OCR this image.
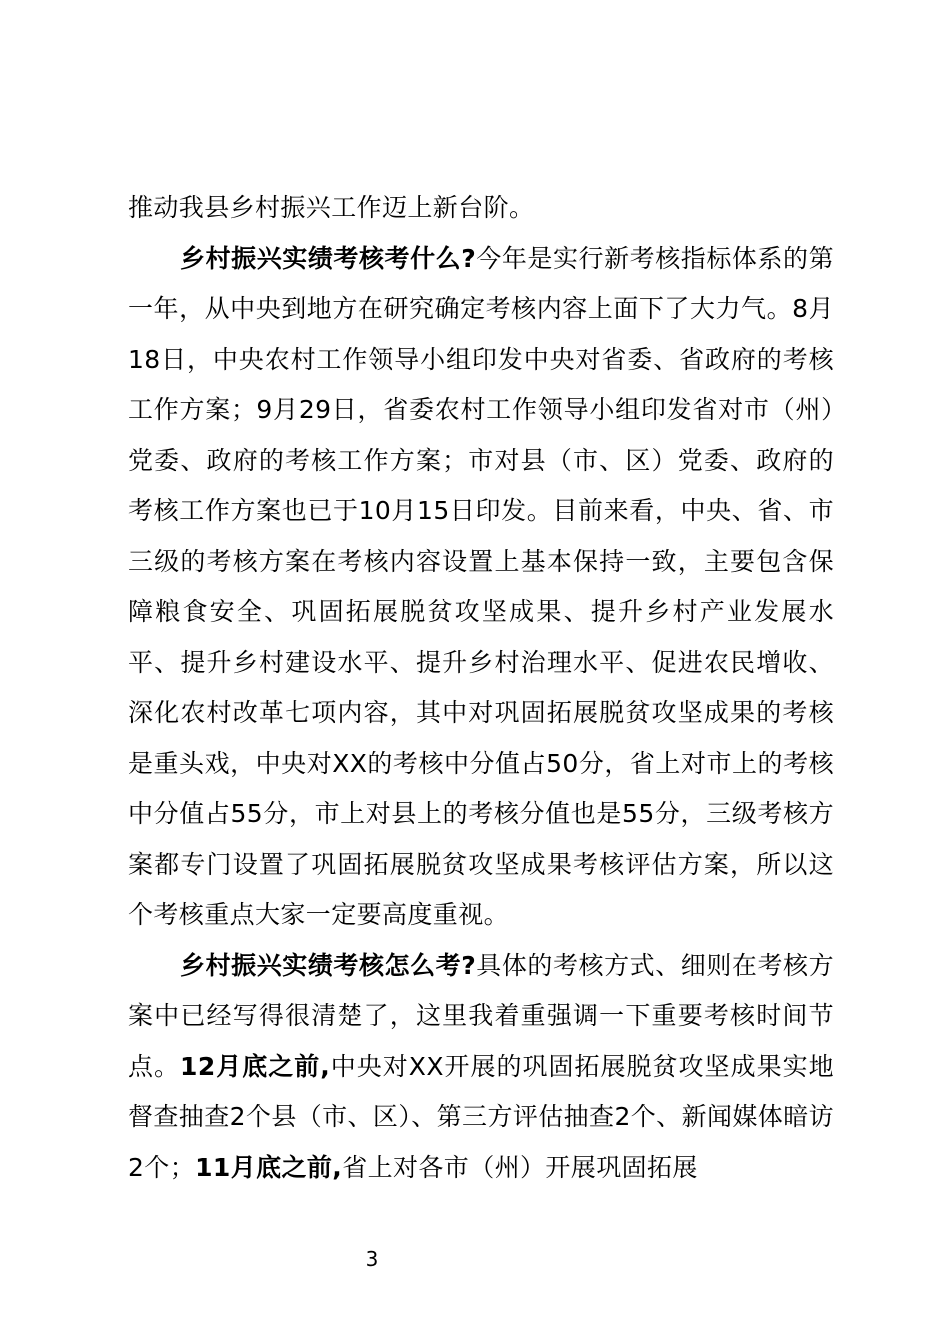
推动我县乡村振兴工作迈上新台阶。

乡村振兴实绩考核考什么?今年是实行新考核指标体系的第一年，从中央到地方在研究确定考核内容上面下了大力气。8月18日，中央农村工作领导小组印发中央对省委、省政府的考核工作方案；9月29日，省委农村工作领导小组印发省对市（州）党委、政府的考核工作方案；市对县（市、区）党委、政府的考核工作方案也已于10月15日印发。目前来看，中央、省、市三级的考核方案在考核内容设置上基本保持一致，主要包含保障粮食安全、巩固拓展脱贫攻坚成果、提升乡村产业发展水平、提升乡村建设水平、提升乡村治理水平、促进农民增收、深化农村改革七项内容，其中对巩固拓展脱贫攻坚成果的考核是重头戏，中央对XX的考核中分值占50分，省上对市上的考核中分值占55分，市上对县上的考核分值也是55分，三级考核方案都专门设置了巩固拓展脱贫攻坚成果考核评估方案，所以这个考核重点大家一定要高度重视。

乡村振兴实绩考核怎么考?具体的考核方式、细则在考核方案中已经写得很清楚了，这里我着重强调一下重要考核时间节点。12月底之前,中央对XX开展的巩固拓展脱贫攻坚成果实地督查抽查2个县（市、区）、第三方评估抽查2个、新闻媒体暗访2个；11月底之前,省上对各市（州）开展巩固拓展

3
